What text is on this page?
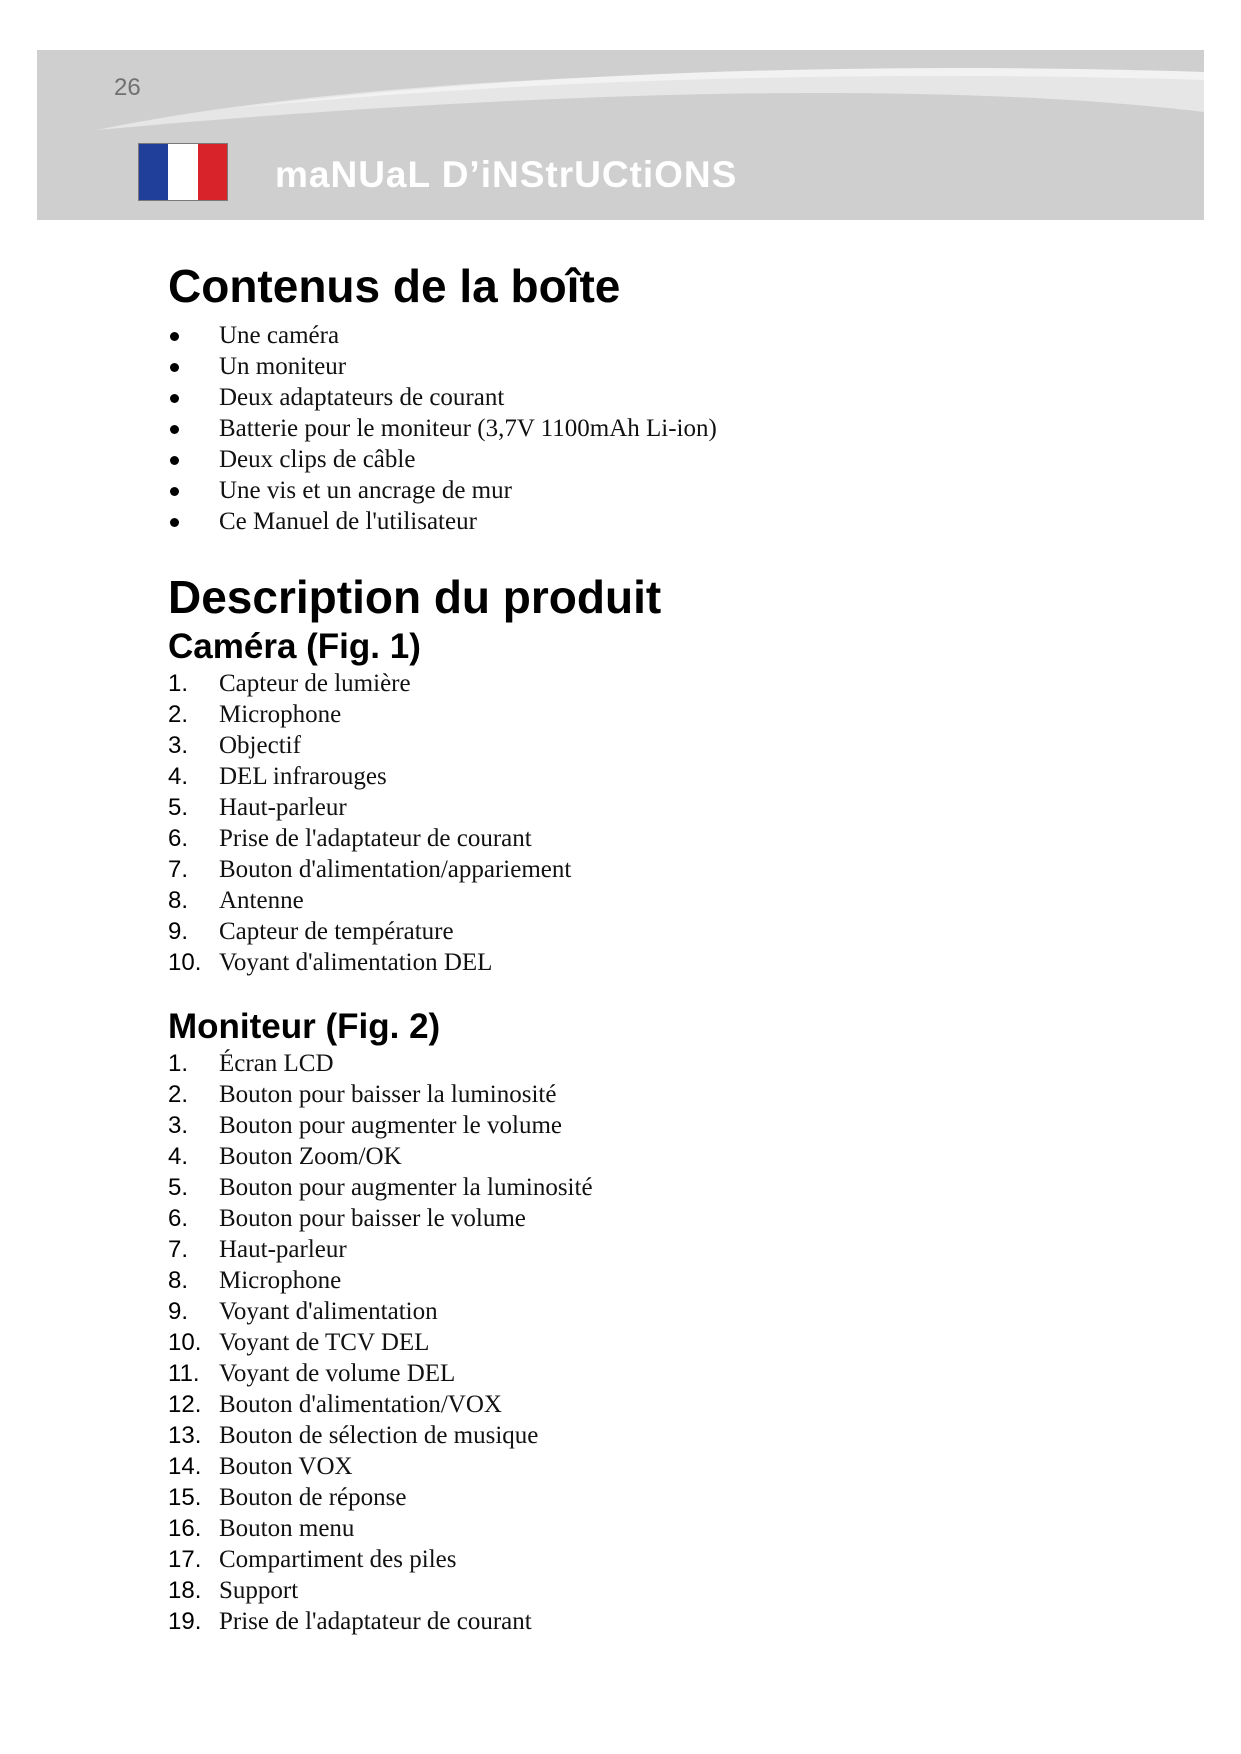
26
maNUaL D’iNStrUCtiONS
Contenus de la boîte
Une caméra
Un moniteur
Deux adaptateurs de courant
Batterie pour le moniteur (3,7V 1100mAh Li-ion)
Deux clips de câble
Une vis et un ancrage de mur
Ce Manuel de l'utilisateur
Description du produit
Caméra (Fig. 1)
1. Capteur de lumière
2. Microphone
3. Objectif
4. DEL infrarouges
5. Haut-parleur
6. Prise de l'adaptateur de courant
7. Bouton d'alimentation/appariement
8. Antenne
9. Capteur de température
10. Voyant d'alimentation DEL
Moniteur (Fig. 2)
1. Écran LCD
2. Bouton pour baisser la luminosité
3. Bouton pour augmenter le volume
4. Bouton Zoom/OK
5. Bouton pour augmenter la luminosité
6. Bouton pour baisser le volume
7. Haut-parleur
8. Microphone
9. Voyant d'alimentation
10. Voyant de TCV DEL
11. Voyant de volume DEL
12. Bouton d'alimentation/VOX
13. Bouton de sélection de musique
14. Bouton VOX
15. Bouton de réponse
16. Bouton menu
17. Compartiment des piles
18. Support
19. Prise de l'adaptateur de courant
